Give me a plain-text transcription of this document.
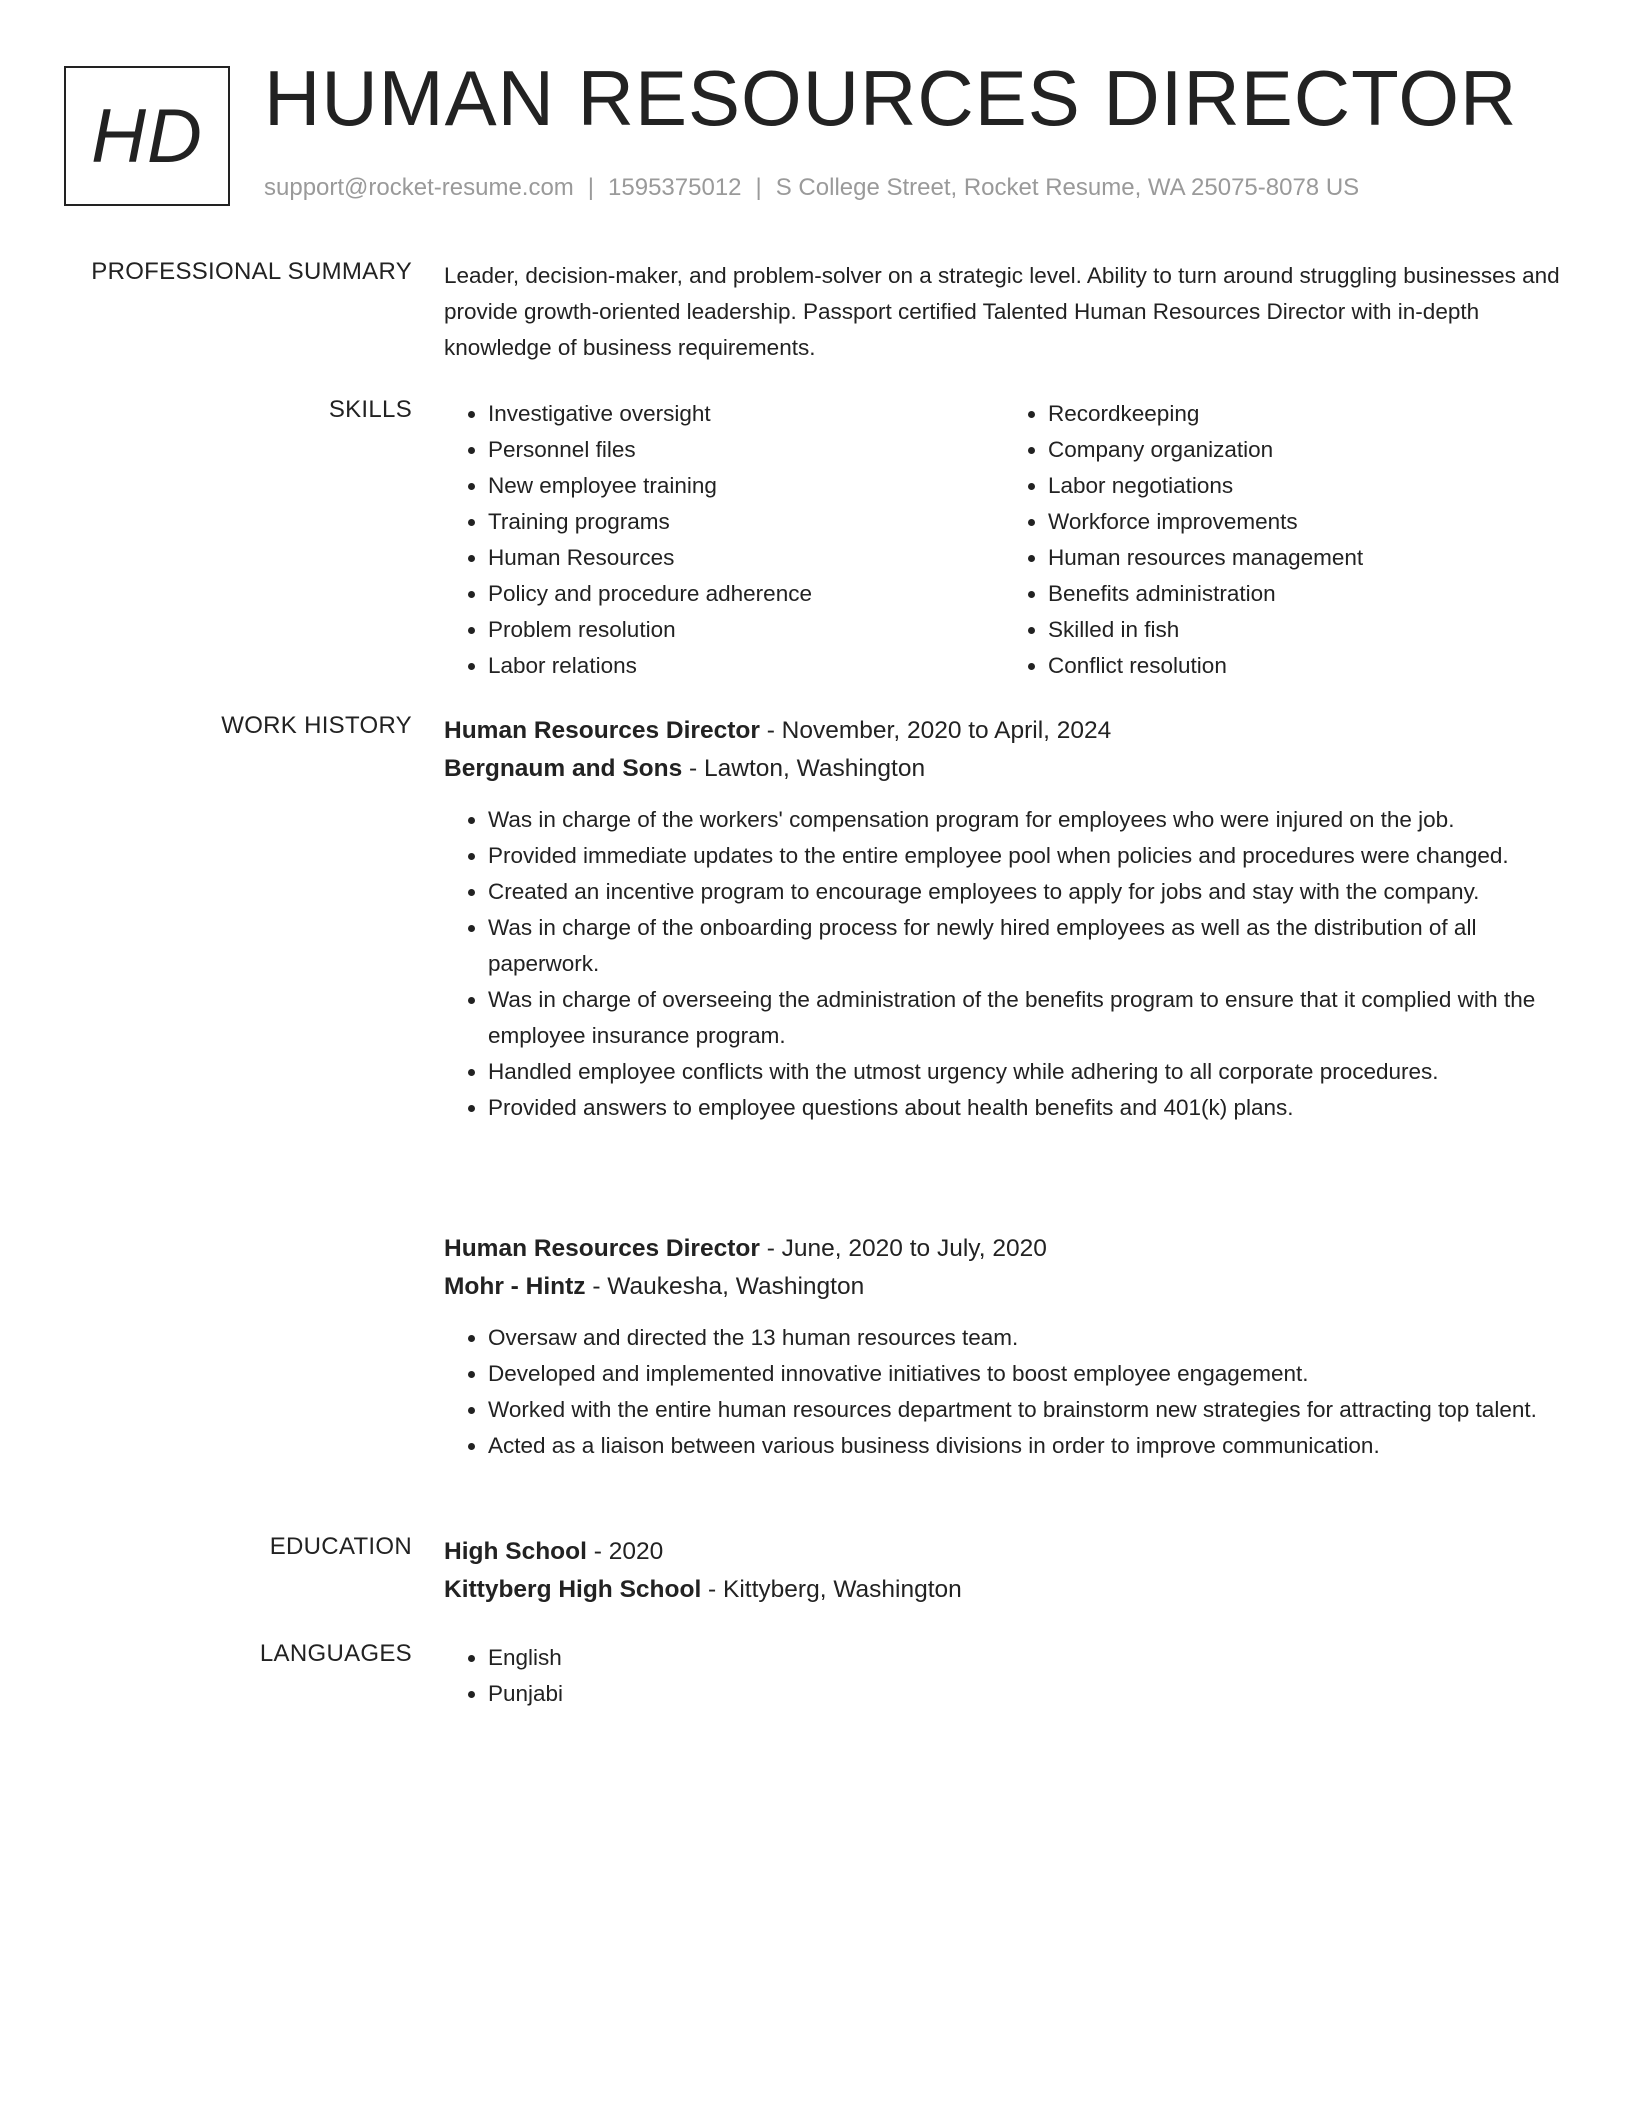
HD HUMAN RESOURCES DIRECTOR
support@rocket-resume.com | 1595375012 | S College Street, Rocket Resume, WA 25075-8078 US
PROFESSIONAL SUMMARY Leader, decision-maker, and problem-solver on a strategic level. Ability to turn around struggling businesses and provide growth-oriented leadership. Passport certified Talented Human Resources Director with in-depth knowledge of business requirements.

SKILLS	• Investigative oversight
• Personnel files
• New employee training
• Training programs
• Human Resources
• Policy and procedure adherence
• Problem resolution
• Labor relations
• Recordkeeping
• Company organization
• Labor negotiations
• Workforce improvements
• Human resources management
• Benefits administration
• Skilled in fish
• Conflict resolution
WORK HISTORY Human Resources Director - November, 2020 to April, 2024
Bergnaum and Sons - Lawton, Washington
• Was in charge of the workers' compensation program for employees who were injured on the job.
• Provided immediate updates to the entire employee pool when policies and procedures were changed.
• Created an incentive program to encourage employees to apply for jobs and stay with the company.
• Was in charge of the onboarding process for newly hired employees as well as the distribution of all paperwork.
• Was in charge of overseeing the administration of the benefits program to ensure that it complied with the employee insurance program.
• Handled employee conflicts with the utmost urgency while adhering to all corporate procedures.
• Provided answers to employee questions about health benefits and 401(k) plans.
Human Resources Director - June, 2020 to July, 2020
Mohr - Hintz - Waukesha, Washington
• Oversaw and directed the 13 human resources team.
• Developed and implemented innovative initiatives to boost employee engagement.
• Worked with the entire human resources department to brainstorm new strategies for attracting top talent.
• Acted as a liaison between various business divisions in order to improve communication.
EDUCATION High School - 2020
Kittyberg High School - Kittyberg, Washington
LANGUAGES	• English
• Punjabi
